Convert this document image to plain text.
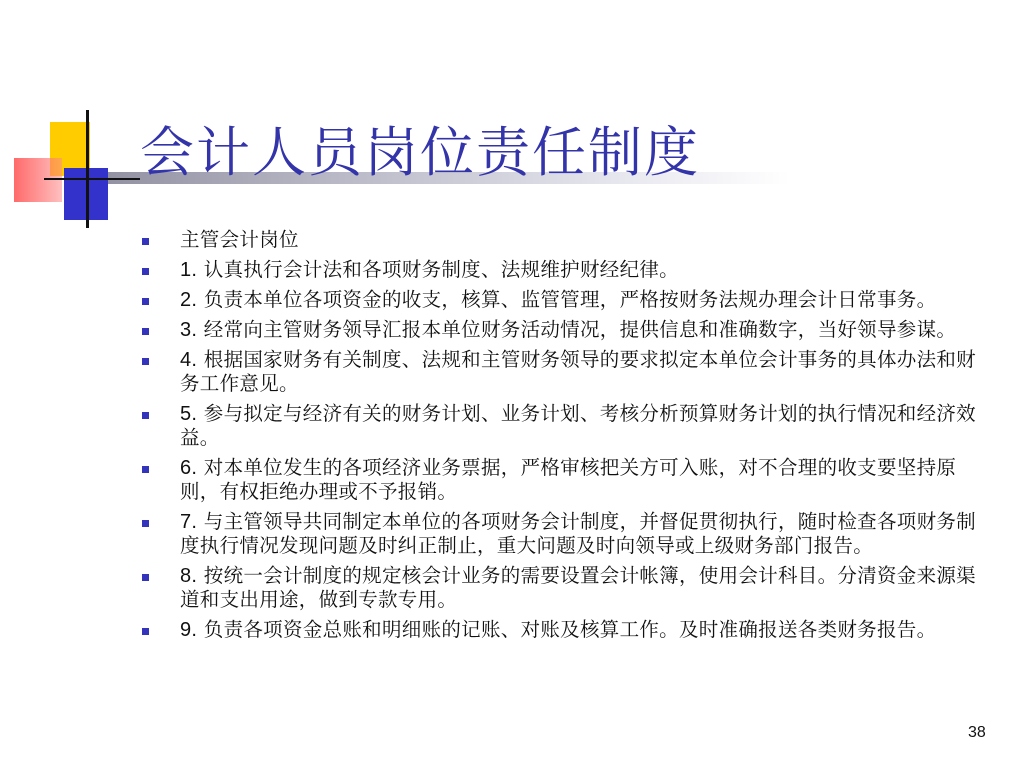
会计人员岗位责任制度
主管会计岗位
1. 认真执行会计法和各项财务制度、法规维护财经纪律。
2. 负责本单位各项资金的收支，核算、监管管理，严格按财务法规办理会计日常事务。
3. 经常向主管财务领导汇报本单位财务活动情况，提供信息和准确数字，当好领导参谋。
4. 根据国家财务有关制度、法规和主管财务领导的要求拟定本单位会计事务的具体办法和财务工作意见。
5. 参与拟定与经济有关的财务计划、业务计划、考核分析预算财务计划的执行情况和经济效益。
6. 对本单位发生的各项经济业务票据，严格审核把关方可入账，对不合理的收支要坚持原则，有权拒绝办理或不予报销。
7. 与主管领导共同制定本单位的各项财务会计制度，并督促贯彻执行，随时检查各项财务制度执行情况发现问题及时纠正制止，重大问题及时向领导或上级财务部门报告。
8. 按统一会计制度的规定核会计业务的需要设置会计帐簿，使用会计科目。分清资金来源渠道和支出用途，做到专款专用。
9. 负责各项资金总账和明细账的记账、对账及核算工作。及时准确报送各类财务报告。
38
